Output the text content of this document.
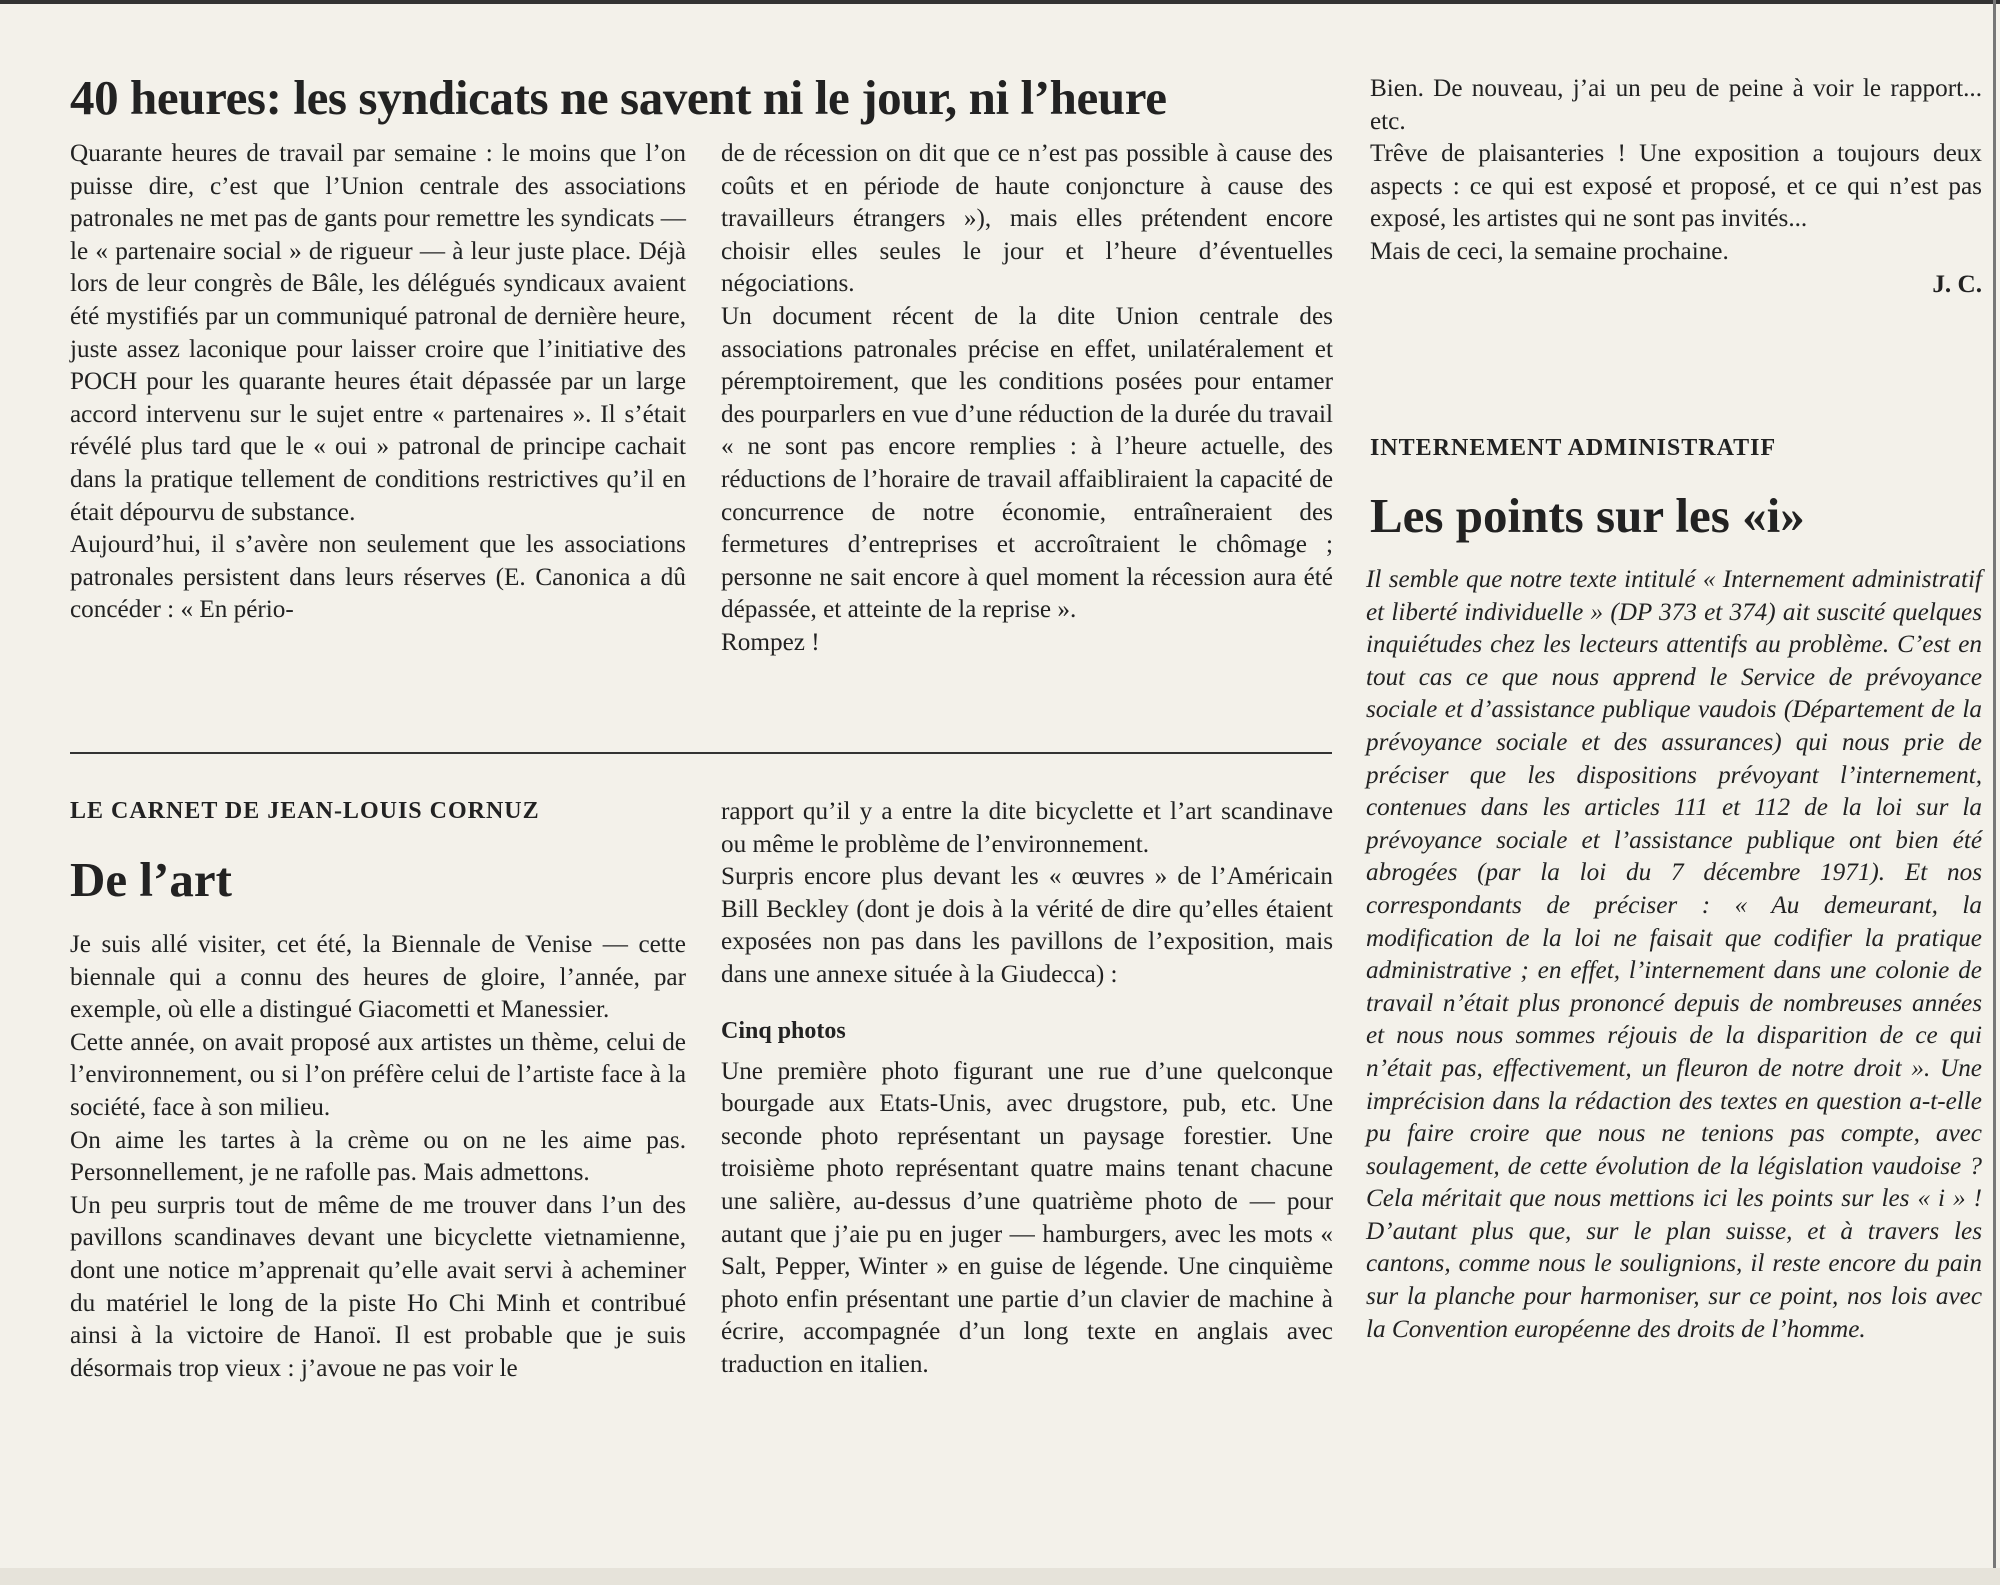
40 heures: les syndicats ne savent ni le jour, ni l’heure

Quarante heures de travail par semaine : le moins que l’on puisse dire, c’est que l’Union centrale des associations patronales ne met pas de gants pour remettre les syndicats — le « partenaire social » de rigueur — à leur juste place. Déjà lors de leur congrès de Bâle, les délégués syndicaux avaient été mystifiés par un communiqué patronal de dernière heure, juste assez laconique pour laisser croire que l’initiative des POCH pour les quarante heures était dépassée par un large accord intervenu sur le sujet entre « partenaires ». Il s’était révélé plus tard que le « oui » patronal de principe cachait dans la pratique tellement de conditions restrictives qu’il en était dépourvu de substance.

Aujourd’hui, il s’avère non seulement que les associations patronales persistent dans leurs réserves (E. Canonica a dû concéder : « En pério-

de de récession on dit que ce n’est pas possible à cause des coûts et en période de haute conjoncture à cause des travailleurs étrangers »), mais elles prétendent encore choisir elles seules le jour et l’heure d’éventuelles négociations.

Un document récent de la dite Union centrale des associations patronales précise en effet, unilatéralement et péremptoirement, que les conditions posées pour entamer des pourparlers en vue d’une réduction de la durée du travail « ne sont pas encore remplies : à l’heure actuelle, des réductions de l’horaire de travail affaibliraient la capacité de concurrence de notre économie, entraîneraient des fermetures d’entreprises et accroîtraient le chômage ; personne ne sait encore à quel moment la récession aura été dépassée, et atteinte de la reprise ».

Rompez !

LE CARNET DE JEAN-LOUIS CORNUZ
De l’art

Je suis allé visiter, cet été, la Biennale de Venise — cette biennale qui a connu des heures de gloire, l’année, par exemple, où elle a distingué Giacometti et Manessier.

Cette année, on avait proposé aux artistes un thème, celui de l’environnement, ou si l’on préfère celui de l’artiste face à la société, face à son milieu.

On aime les tartes à la crème ou on ne les aime pas. Personnellement, je ne rafolle pas. Mais admettons.

Un peu surpris tout de même de me trouver dans l’un des pavillons scandinaves devant une bicyclette vietnamienne, dont une notice m’apprenait qu’elle avait servi à acheminer du matériel le long de la piste Ho Chi Minh et contribué ainsi à la victoire de Hanoï. Il est probable que je suis désormais trop vieux : j’avoue ne pas voir le

rapport qu’il y a entre la dite bicyclette et l’art scandinave ou même le problème de l’environnement.

Surpris encore plus devant les « œuvres » de l’Américain Bill Beckley (dont je dois à la vérité de dire qu’elles étaient exposées non pas dans les pavillons de l’exposition, mais dans une annexe située à la Giudecca) :

Cinq photos

Une première photo figurant une rue d’une quelconque bourgade aux Etats-Unis, avec drugstore, pub, etc. Une seconde photo représentant un paysage forestier. Une troisième photo représentant quatre mains tenant chacune une salière, au-dessus d’une quatrième photo de — pour autant que j’aie pu en juger — hamburgers, avec les mots « Salt, Pepper, Winter » en guise de légende. Une cinquième photo enfin présentant une partie d’un clavier de machine à écrire, accompagnée d’un long texte en anglais avec traduction en italien.

Bien. De nouveau, j’ai un peu de peine à voir le rapport... etc.

Trêve de plaisanteries ! Une exposition a toujours deux aspects : ce qui est exposé et proposé, et ce qui n’est pas exposé, les artistes qui ne sont pas invités...

Mais de ceci, la semaine prochaine.

J. C.

INTERNEMENT ADMINISTRATIF
Les points sur les «i»

Il semble que notre texte intitulé « Internement administratif et liberté individuelle » (DP 373 et 374) ait suscité quelques inquiétudes chez les lecteurs attentifs au problème. C’est en tout cas ce que nous apprend le Service de prévoyance sociale et d’assistance publique vaudois (Département de la prévoyance sociale et des assurances) qui nous prie de préciser que les dispositions prévoyant l’internement, contenues dans les articles 111 et 112 de la loi sur la prévoyance sociale et l’assistance publique ont bien été abrogées (par la loi du 7 décembre 1971). Et nos correspondants de préciser : « Au demeurant, la modification de la loi ne faisait que codifier la pratique administrative ; en effet, l’internement dans une colonie de travail n’était plus prononcé depuis de nombreuses années et nous nous sommes réjouis de la disparition de ce qui n’était pas, effectivement, un fleuron de notre droit ». Une imprécision dans la rédaction des textes en question a-t-elle pu faire croire que nous ne tenions pas compte, avec soulagement, de cette évolution de la législation vaudoise ? Cela méritait que nous mettions ici les points sur les « i » ! D’autant plus que, sur le plan suisse, et à travers les cantons, comme nous le soulignions, il reste encore du pain sur la planche pour harmoniser, sur ce point, nos lois avec la Convention européenne des droits de l’homme.
